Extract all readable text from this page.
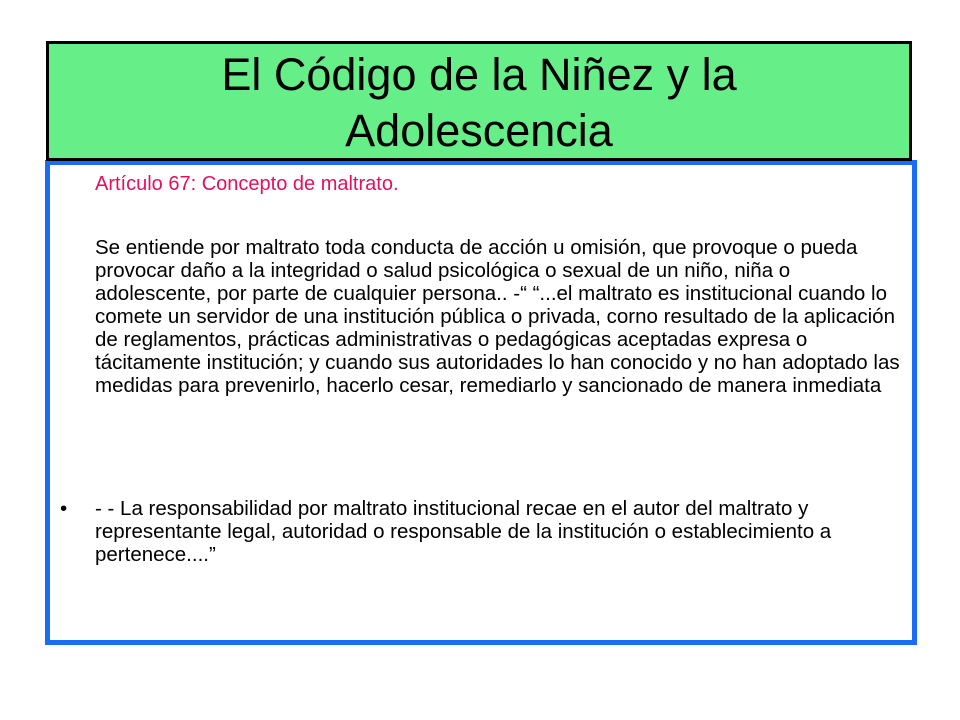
El Código de la Niñez y la Adolescencia
Artículo 67: Concepto de maltrato.
Se entiende por maltrato toda conducta de acción u omisión, que provoque o pueda provocar daño a la integridad o salud psicológica o sexual de un niño, niña o adolescente, por parte de cualquier persona.. -“ “...el maltrato es institucional cuando lo comete un servidor de una institución pública o privada, corno resultado de la aplicación de reglamentos, prácticas administrativas o pedagógicas aceptadas expresa o tácitamente institución; y cuando sus autoridades lo han conocido y no han adoptado las medidas para prevenirlo, hacerlo cesar, remediarlo y sancionado de manera inmediata
•	- - La responsabilidad por maltrato institucional recae en el autor del maltrato y representante legal, autoridad o responsable de la institución o establecimiento a pertenece....”
